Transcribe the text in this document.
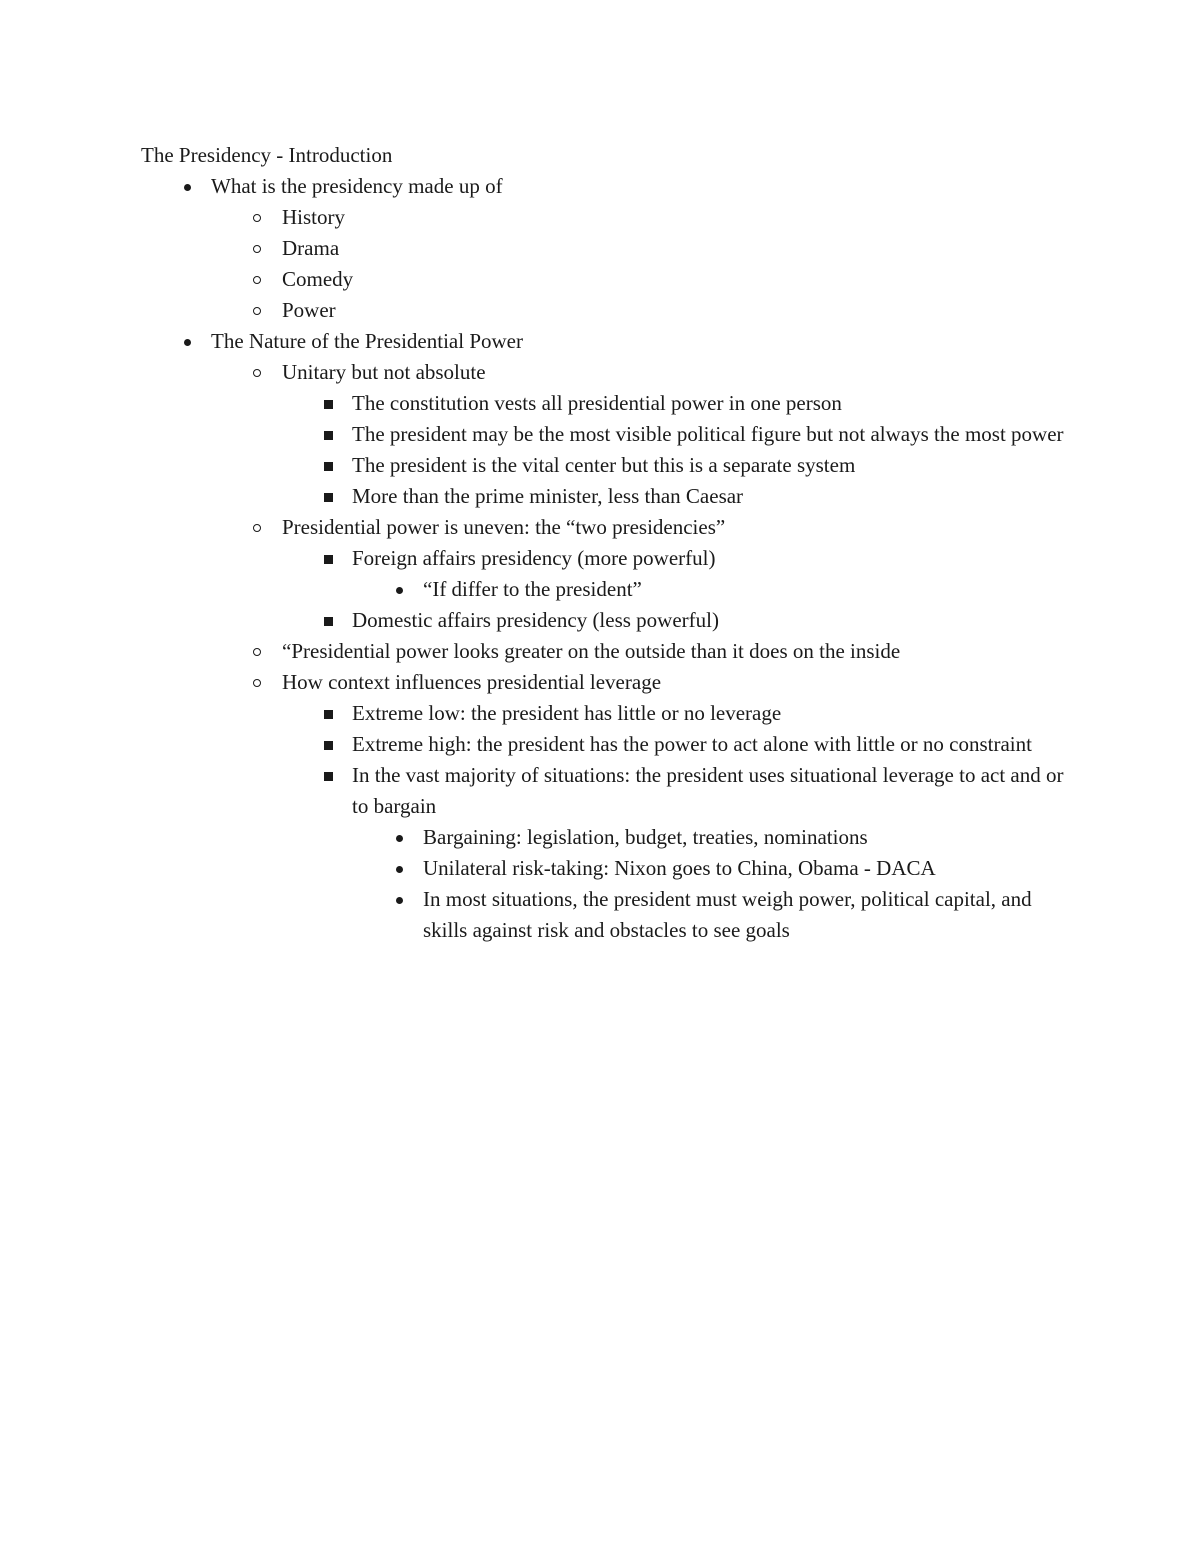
The Presidency - Introduction
What is the presidency made up of
History
Drama
Comedy
Power
The Nature of the Presidential Power
Unitary but not absolute
The constitution vests all presidential power in one person
The president may be the most visible political figure but not always the most power
The president is the vital center but this is a separate system
More than the prime minister, less than Caesar
Presidential power is uneven: the “two presidencies”
Foreign affairs presidency (more powerful)
“If differ to the president”
Domestic affairs presidency (less powerful)
“Presidential power looks greater on the outside than it does on the inside
How context influences presidential leverage
Extreme low: the president has little or no leverage
Extreme high: the president has the power to act alone with little or no constraint
In the vast majority of situations: the president uses situational leverage to act and or to bargain
Bargaining: legislation, budget, treaties, nominations
Unilateral risk-taking: Nixon goes to China, Obama - DACA
In most situations, the president must weigh power, political capital, and skills against risk and obstacles to see goals
